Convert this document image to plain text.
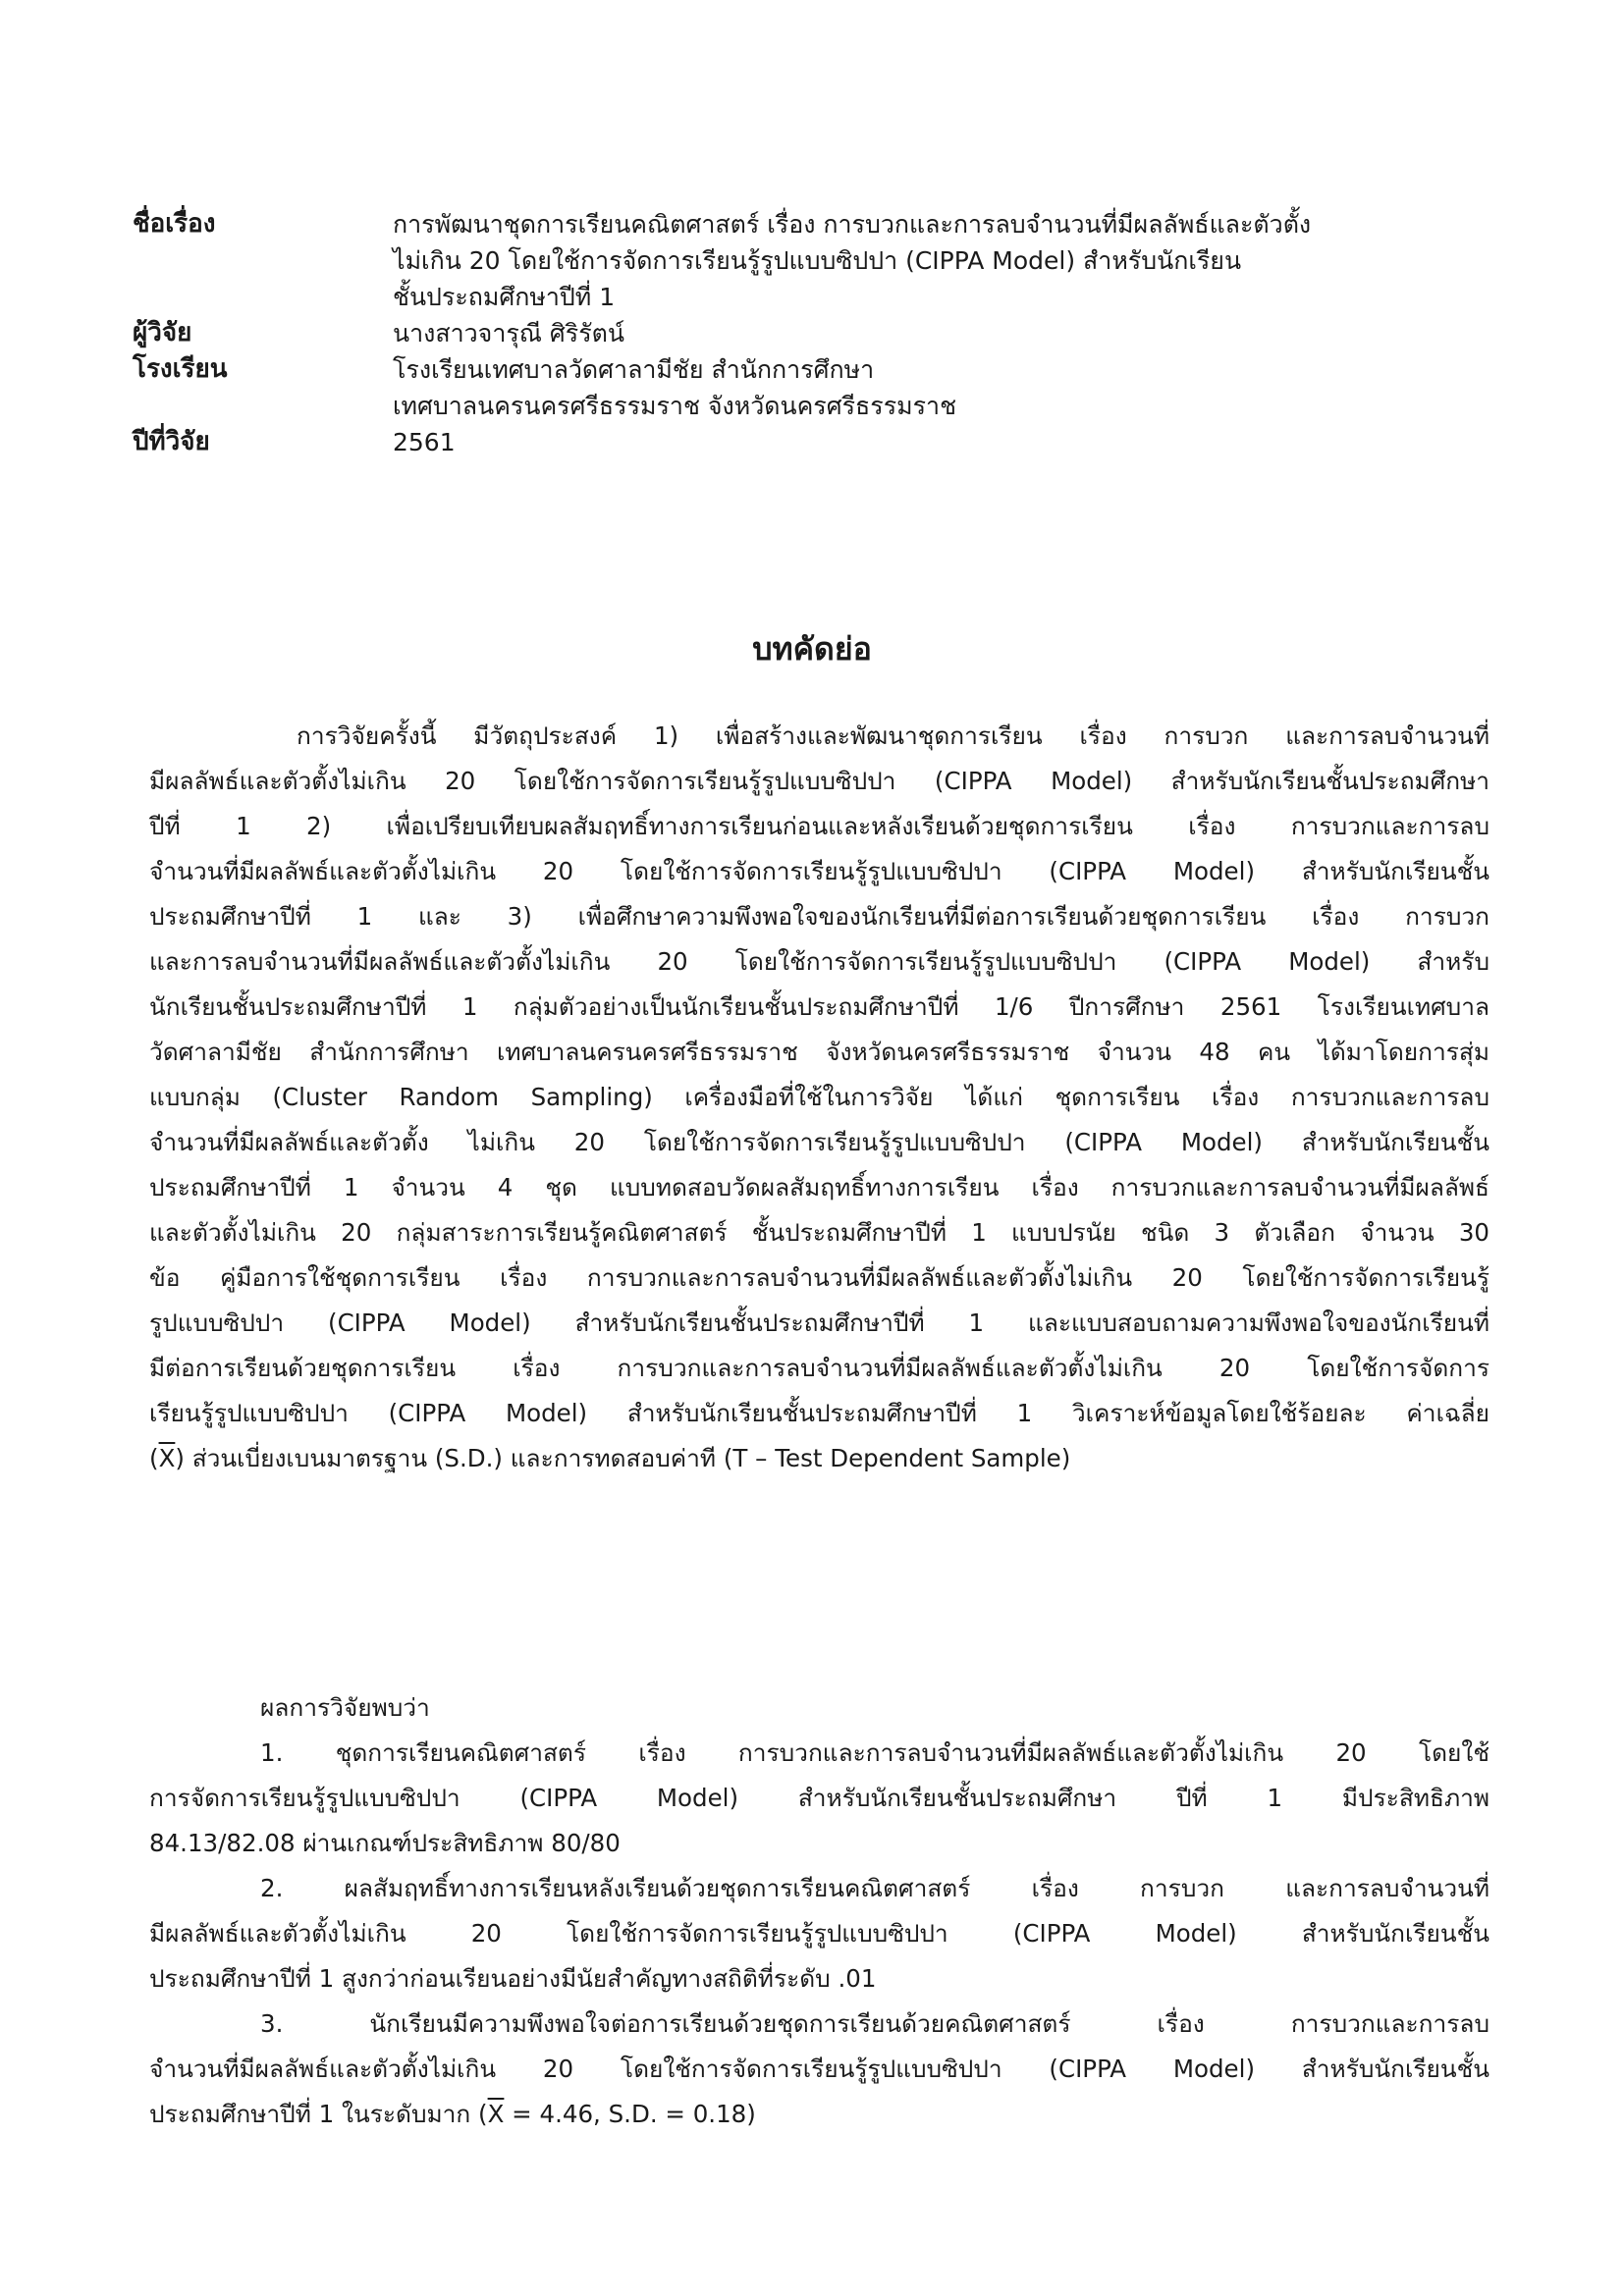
ชื่อเรื่อง	การพัฒนาชุดการเรียนคณิตศาสตร์ เรื่อง การบวกและการลบจำนวนที่มีผลลัพธ์และตัวตั้ง
ไม่เกิน 20 โดยใช้การจัดการเรียนรู้รูปแบบซิปปา (CIPPA Model) สำหรับนักเรียน
ชั้นประถมศึกษาปีที่ 1
ผู้วิจัย	นางสาวจารุณี ศิริรัตน์
โรงเรียน	โรงเรียนเทศบาลวัดศาลามีชัย สำนักการศึกษา
เทศบาลนครนครศรีธรรมราช จังหวัดนครศรีธรรมราช
ปีที่วิจัย	2561
บทคัดย่อ
การวิจัยครั้งนี้ มีวัตถุประสงค์ 1) เพื่อสร้างและพัฒนาชุดการเรียน เรื่อง การบวก และการลบจำนวนที่
มีผลลัพธ์และตัวตั้งไม่เกิน 20 โดยใช้การจัดการเรียนรู้รูปแบบซิปปา (CIPPA Model) สำหรับนักเรียนชั้นประถมศึกษา
ปีที่ 1 2) เพื่อเปรียบเทียบผลสัมฤทธิ์ทางการเรียนก่อนและหลังเรียนด้วยชุดการเรียน เรื่อง การบวกและการลบ
จำนวนที่มีผลลัพธ์และตัวตั้งไม่เกิน 20 โดยใช้การจัดการเรียนรู้รูปแบบซิปปา (CIPPA Model) สำหรับนักเรียนชั้น
ประถมศึกษาปีที่ 1 และ 3) เพื่อศึกษาความพึงพอใจของนักเรียนที่มีต่อการเรียนด้วยชุดการเรียน เรื่อง การบวก
และการลบจำนวนที่มีผลลัพธ์และตัวตั้งไม่เกิน 20 โดยใช้การจัดการเรียนรู้รูปแบบซิปปา (CIPPA Model) สำหรับ
นักเรียนชั้นประถมศึกษาปีที่ 1 กลุ่มตัวอย่างเป็นนักเรียนชั้นประถมศึกษาปีที่ 1/6 ปีการศึกษา 2561 โรงเรียนเทศบาล
วัดศาลามีชัย สำนักการศึกษา เทศบาลนครนครศรีธรรมราช จังหวัดนครศรีธรรมราช จำนวน 48 คน ได้มาโดยการสุ่ม
แบบกลุ่ม (Cluster Random Sampling) เครื่องมือที่ใช้ในการวิจัย ได้แก่ ชุดการเรียน เรื่อง การบวกและการลบ
จำนวนที่มีผลลัพธ์และตัวตั้ง ไม่เกิน 20 โดยใช้การจัดการเรียนรู้รูปแบบซิปปา (CIPPA Model) สำหรับนักเรียนชั้น
ประถมศึกษาปีที่ 1 จำนวน 4 ชุด แบบทดสอบวัดผลสัมฤทธิ์ทางการเรียน เรื่อง การบวกและการลบจำนวนที่มีผลลัพธ์
และตัวตั้งไม่เกิน 20 กลุ่มสาระการเรียนรู้คณิตศาสตร์ ชั้นประถมศึกษาปีที่ 1 แบบปรนัย ชนิด 3 ตัวเลือก จำนวน 30
ข้อ คู่มือการใช้ชุดการเรียน เรื่อง การบวกและการลบจำนวนที่มีผลลัพธ์และตัวตั้งไม่เกิน 20 โดยใช้การจัดการเรียนรู้
รูปแบบซิปปา (CIPPA Model) สำหรับนักเรียนชั้นประถมศึกษาปีที่ 1 และแบบสอบถามความพึงพอใจของนักเรียนที่
มีต่อการเรียนด้วยชุดการเรียน เรื่อง การบวกและการลบจำนวนที่มีผลลัพธ์และตัวตั้งไม่เกิน 20 โดยใช้การจัดการ
เรียนรู้รูปแบบซิปปา (CIPPA Model) สำหรับนักเรียนชั้นประถมศึกษาปีที่ 1 วิเคราะห์ข้อมูลโดยใช้ร้อยละ ค่าเฉลี่ย
$(\overline{X})$ ส่วนเบี่ยงเบนมาตรฐาน (S.D.) และการทดสอบค่าที (T – Test Dependent Sample)
ผลการวิจัยพบว่า
1. ชุดการเรียนคณิตศาสตร์ เรื่อง การบวกและการลบจำนวนที่มีผลลัพธ์และตัวตั้งไม่เกิน 20 โดยใช้
การจัดการเรียนรู้รูปแบบซิปปา (CIPPA Model) สำหรับนักเรียนชั้นประถมศึกษา ปีที่ 1 มีประสิทธิภาพ
84.13/82.08 ผ่านเกณฑ์ประสิทธิภาพ 80/80
2. ผลสัมฤทธิ์ทางการเรียนหลังเรียนด้วยชุดการเรียนคณิตศาสตร์ เรื่อง การบวก และการลบจำนวนที่
มีผลลัพธ์และตัวตั้งไม่เกิน 20 โดยใช้การจัดการเรียนรู้รูปแบบซิปปา (CIPPA Model) สำหรับนักเรียนชั้น
ประถมศึกษาปีที่ 1 สูงกว่าก่อนเรียนอย่างมีนัยสำคัญทางสถิติที่ระดับ .01
3. นักเรียนมีความพึงพอใจต่อการเรียนด้วยชุดการเรียนด้วยคณิตศาสตร์ เรื่อง การบวกและการลบ
จำนวนที่มีผลลัพธ์และตัวตั้งไม่เกิน 20 โดยใช้การจัดการเรียนรู้รูปแบบซิปปา (CIPPA Model) สำหรับนักเรียนชั้น
ประถมศึกษาปีที่ 1 ในระดับมาก ($\overline{X} = 4.46$, S.D. = 0.18)
